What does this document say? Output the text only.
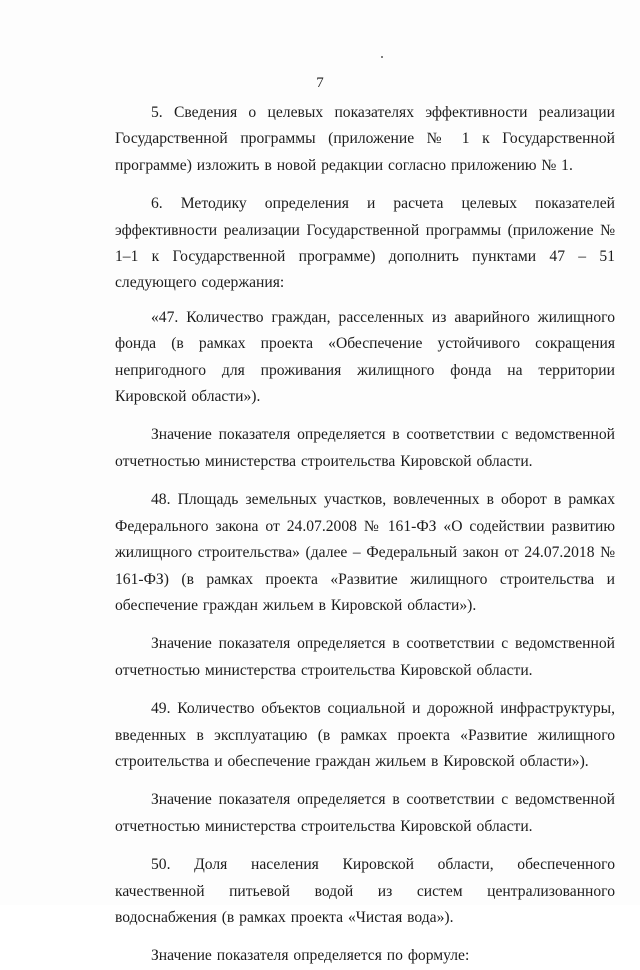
7

5. Сведения о целевых показателях эффективности реализации Государственной программы (приложение № 1 к Государственной программе) изложить в новой редакции согласно приложению № 1.

6. Методику определения и расчета целевых показателей эффективности реализации Государственной программы (приложение № 1–1 к Государственной программе) дополнить пунктами 47 – 51 следующего содержания:

«47. Количество граждан, расселенных из аварийного жилищного фонда (в рамках проекта «Обеспечение устойчивого сокращения непригодного для проживания жилищного фонда на территории Кировской области»).

Значение показателя определяется в соответствии с ведомственной отчетностью министерства строительства Кировской области.

48. Площадь земельных участков, вовлеченных в оборот в рамках Федерального закона от 24.07.2008 № 161-ФЗ «О содействии развитию жилищного строительства» (далее – Федеральный закон от 24.07.2018 № 161-ФЗ) (в рамках проекта «Развитие жилищного строительства и обеспечение граждан жильем в Кировской области»).

Значение показателя определяется в соответствии с ведомственной отчетностью министерства строительства Кировской области.

49. Количество объектов социальной и дорожной инфраструктуры, введенных в эксплуатацию (в рамках проекта «Развитие жилищного строительства и обеспечение граждан жильем в Кировской области»).

Значение показателя определяется в соответствии с ведомственной отчетностью министерства строительства Кировской области.

50. Доля населения Кировской области, обеспеченного качественной питьевой водой из систем централизованного водоснабжения (в рамках проекта «Чистая вода»).

Значение показателя определяется по формуле:
